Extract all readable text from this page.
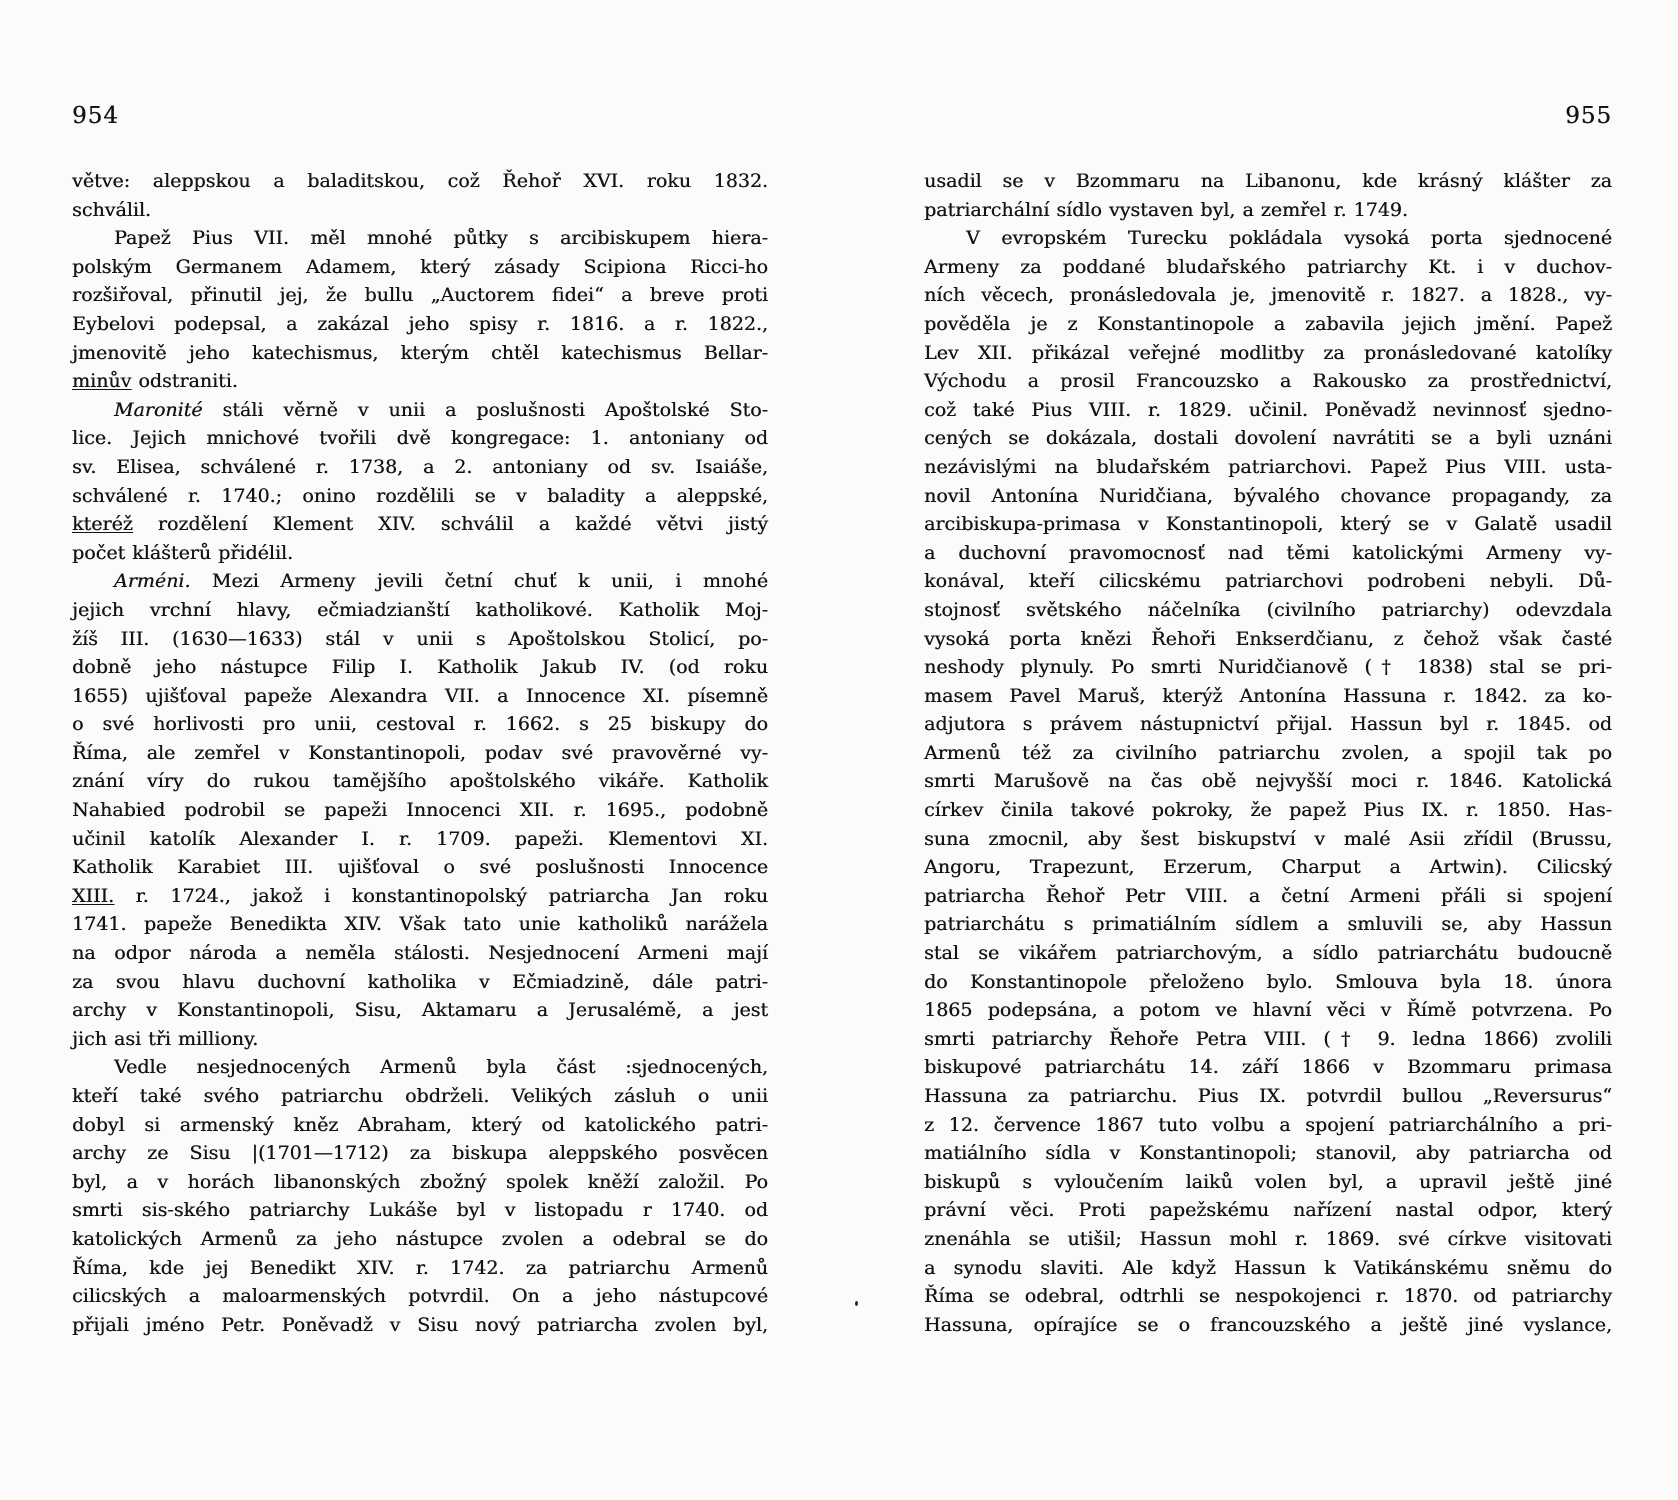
954	955
větve: aleppskou a baladitskou, což Řehoř XVI. roku 1832.
schválil.
Papež Pius VII. měl mnohé půtky s arcibiskupem hiera-
polským Germanem Adamem, který zásady Scipiona Ricci-ho
rozšiřoval, přinutil jej, že bullu „Auctorem fidei“ a breve proti
Eybelovi podepsal, a zakázal jeho spisy r. 1816. a r. 1822.,
jmenovitě jeho katechismus, kterým chtěl katechismus Bellar-
minův odstraniti.
Maronité stáli věrně v unii a poslušnosti Apoštolské Sto-
lice. Jejich mnichové tvořili dvě kongregace: 1. antoniany od
sv. Elisea, schválené r. 1738, a 2. antoniany od sv. Isaiáše,
schválené r. 1740.; onino rozdělili se v baladity a aleppské,
kteréž rozdělení Klement XIV. schválil a každé větvi jistý
počet klášterů přidélil.
Arméni. Mezi Armeny jevili četní chuť k unii, i mnohé
jejich vrchní hlavy, ečmiadzianští katholikové. Katholik Moj-
žíš III. (1630—1633) stál v unii s Apoštolskou Stolicí, po-
dobně jeho nástupce Filip I. Katholik Jakub IV. (od roku
1655) ujišťoval papeže Alexandra VII. a Innocence XI. písemně
o své horlivosti pro unii, cestoval r. 1662. s 25 biskupy do
Říma, ale zemřel v Konstantinopoli, podav své pravověrné vy-
znání víry do rukou tamějšího apoštolského vikáře. Katholik
Nahabied podrobil se papeži Innocenci XII. r. 1695., podobně
učinil katolík Alexander I. r. 1709. papeži. Klementovi XI.
Katholik Karabiet III. ujišťoval o své poslušnosti Innocence
XIII. r. 1724., jakož i konstantinopolský patriarcha Jan roku
1741. papeže Benedikta XIV. Však tato unie katholiků narážela
na odpor národa a neměla stálosti. Nesjednocení Armeni mají
za svou hlavu duchovní katholika v Ečmiadzině, dále patri-
archy v Konstantinopoli, Sisu, Aktamaru a Jerusalémě, a jest
jich asi tři milliony.
Vedle nesjednocených Armenů byla část :sjednocených,
kteří také svého patriarchu obdrželi. Velikých zásluh o unii
dobyl si armenský kněz Abraham, který od katolického patri-
archy ze Sisu |(1701—1712) za biskupa aleppského posvěcen
byl, a v horách libanonských zbožný spolek kněží založil. Po
smrti sis-ského patriarchy Lukáše byl v listopadu r 1740. od
katolických Armenů za jeho nástupce zvolen a odebral se do
Říma, kde jej Benedikt XIV. r. 1742. za patriarchu Armenů
cilicských a maloarmenských potvrdil. On a jeho nástupcové
přijali jméno Petr. Poněvadž v Sisu nový patriarcha zvolen byl,
usadil se v Bzommaru na Libanonu, kde krásný klášter za
patriarchální sídlo vystaven byl, a zemřel r. 1749.
V evropském Turecku pokládala vysoká porta sjednocené
Armeny za poddané bludařského patriarchy Kt. i v duchov-
ních věcech, pronásledovala je, jmenovitě r. 1827. a 1828., vy-
pověděla je z Konstantinopole a zabavila jejich jmění. Papež
Lev XII. přikázal veřejné modlitby za pronásledované katolíky
Východu a prosil Francouzsko a Rakousko za prostřednictví,
což také Pius VIII. r. 1829. učinil. Poněvadž nevinnosť sjedno-
cených se dokázala, dostali dovolení navrátiti se a byli uznáni
nezávislými na bludařském patriarchovi. Papež Pius VIII. usta-
novil Antonína Nuridčiana, bývalého chovance propagandy, za
arcibiskupa-primasa v Konstantinopoli, který se v Galatě usadil
a duchovní pravomocnosť nad těmi katolickými Armeny vy-
konával, kteří cilicskému patriarchovi podrobeni nebyli. Dů-
stojnosť světského náčelníka (civilního patriarchy) odevzdala
vysoká porta knězi Řehoři Enkserdčianu, z čehož však časté
neshody plynuly. Po smrti Nuridčianově († 1838) stal se pri-
masem Pavel Maruš, kterýž Antonína Hassuna r. 1842. za ko-
adjutora s právem nástupnictví přijal. Hassun byl r. 1845. od
Armenů též za civilního patriarchu zvolen, a spojil tak po
smrti Marušově na čas obě nejvyšší moci r. 1846. Katolická
církev činila takové pokroky, že papež Pius IX. r. 1850. Has-
suna zmocnil, aby šest biskupství v malé Asii zřídil (Brussu,
Angoru, Trapezunt, Erzerum, Charput a Artwin). Cilicský
patriarcha Řehoř Petr VIII. a četní Armeni přáli si spojení
patriarchátu s primatiálním sídlem a smluvili se, aby Hassun
stal se vikářem patriarchovým, a sídlo patriarchátu budoucně
do Konstantinopole přeloženo bylo. Smlouva byla 18. února
1865 podepsána, a potom ve hlavní věci v Římě potvrzena. Po
smrti patriarchy Řehoře Petra VIII. († 9. ledna 1866) zvolili
biskupové patriarchátu 14. září 1866 v Bzommaru primasa
Hassuna za patriarchu. Pius IX. potvrdil bullou „Reversurus“
z 12. července 1867 tuto volbu a spojení patriarchálního a pri-
matiálního sídla v Konstantinopoli; stanovil, aby patriarcha od
biskupů s vyloučením laiků volen byl, a upravil ještě jiné
právní věci. Proti papežskému nařízení nastal odpor, který
znenáhla se utišil; Hassun mohl r. 1869. své církve visitovati
a synodu slaviti. Ale když Hassun k Vatikánskému sněmu do
Říma se odebral, odtrhli se nespokojenci r. 1870. od patriarchy
Hassuna, opírajíce se o francouzského a ještě jiné vyslance,
